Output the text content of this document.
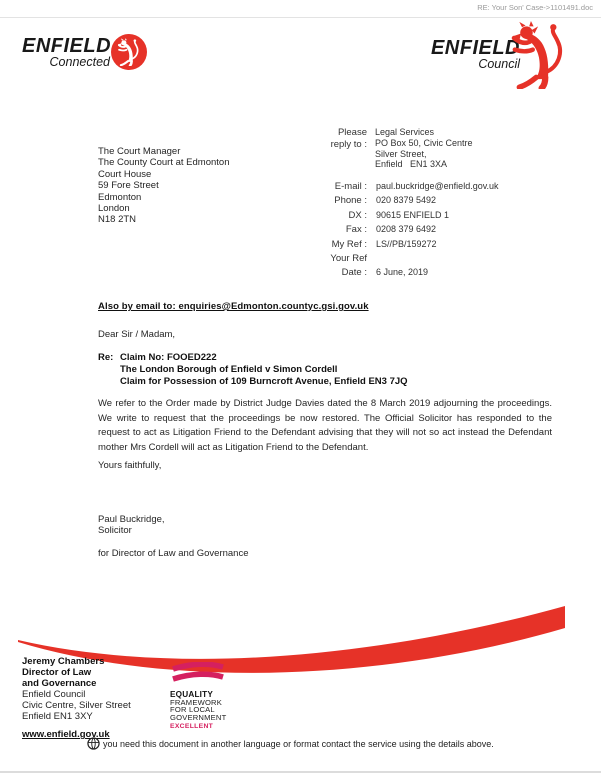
RE: Your Son' Case->1101491.doc
ENFIELD
Connected
ENFIELD
Council
The Court Manager
The County Court at Edmonton
Court House
59 Fore Street
Edmonton
London
N18 2TN
Please
reply to :
Legal Services
PO Box 50, Civic Centre
Silver Street,
Enfield   EN1 3XA
E-mail : paul.buckridge@enfield.gov.uk
Phone : 020 8379 5492
DX : 90615 ENFIELD 1
Fax : 0208 379 6492
My Ref : LS//PB/159272
Your Ref
Date : 6 June, 2019
Also by email to: enquiries@Edmonton.countyc.gsi.gov.uk
Dear Sir / Madam,
Re: Claim No: FOOED222
The London Borough of Enfield v Simon Cordell
Claim for Possession of 109 Burncroft Avenue, Enfield EN3 7JQ
We refer to the Order made by District Judge Davies dated the 8 March 2019 adjourning the proceedings. We write to request that the proceedings be now restored. The Official Solicitor has responded to the request to act as Litigation Friend to the Defendant advising that they will not so act instead the Defendant mother Mrs Cordell will act as Litigation Friend to the Defendant.
Yours faithfully,
Paul Buckridge,
Solicitor
for Director of Law and Governance
Jeremy Chambers
Director of Law
and Governance
Enfield Council
Civic Centre, Silver Street
Enfield EN1 3XY
www.enfield.gov.uk
EQUALITY
FRAMEWORK
FOR LOCAL
GOVERNMENT
EXCELLENT
you need this document in another language or format contact the service using the details above.
